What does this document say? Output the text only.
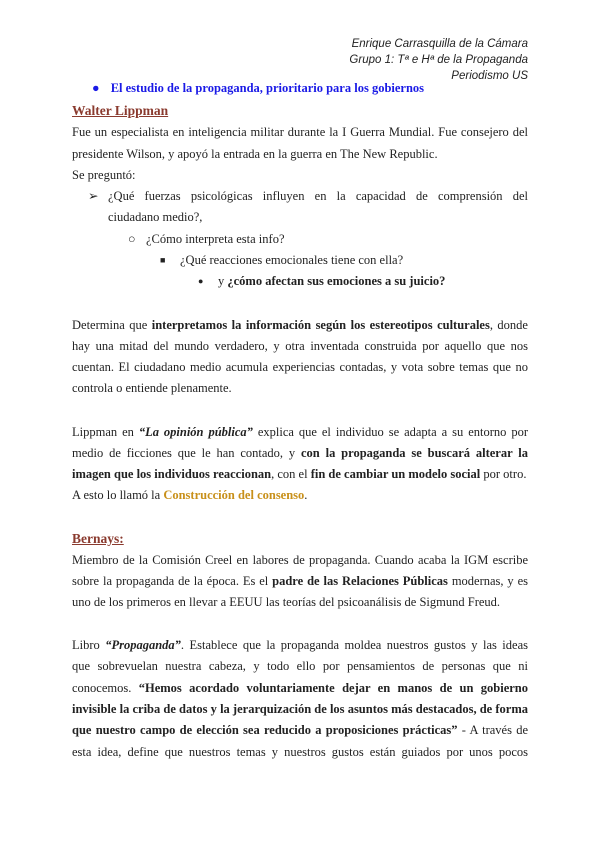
Enrique Carrasquilla de la Cámara
Grupo 1: Tª e Hª de la Propaganda
Periodismo US
● El estudio de la propaganda, prioritario para los gobiernos
Walter Lippman
Fue un especialista en inteligencia militar durante la I Guerra Mundial. Fue consejero del
presidente Wilson, y apoyó la entrada en la guerra en The New Republic.
Se preguntó:
➢ ¿Qué fuerzas psicológicas influyen en la capacidad de comprensión del
ciudadano medio?,
○ ¿Cómo interpreta esta info?
■ ¿Qué reacciones emocionales tiene con ella?
● y ¿cómo afectan sus emociones a su juicio?
Determina que interpretamos la información según los estereotipos culturales, donde
hay una mitad del mundo verdadero, y otra inventada construida por aquello que nos
cuentan. El ciudadano medio acumula experiencias contadas, y vota sobre temas que no
controla o entiende plenamente.
Lippman en “La opinión pública” explica que el individuo se adapta a su entorno por
medio de ficciones que le han contado, y con la propaganda se buscará alterar la
imagen que los individuos reaccionan, con el fin de cambiar un modelo social por otro.
A esto lo llamó la Construcción del consenso.
Bernays:
Miembro de la Comisión Creel en labores de propaganda. Cuando acaba la IGM escribe
sobre la propaganda de la época. Es el padre de las Relaciones Públicas modernas, y es
uno de los primeros en llevar a EEUU las teorías del psicoanálisis de Sigmund Freud.
Libro “Propaganda”. Establece que la propaganda moldea nuestros gustos y las ideas
que sobrevuelan nuestra cabeza, y todo ello por pensamientos de personas que ni
conocemos. “Hemos acordado voluntariamente dejar en manos de un gobierno
invisible la criba de datos y la jerarquización de los asuntos más destacados, de forma
que nuestro campo de elección sea reducido a proposiciones prácticas” - A través de
esta idea, define que nuestros temas y nuestros gustos están guiados por unos pocos
